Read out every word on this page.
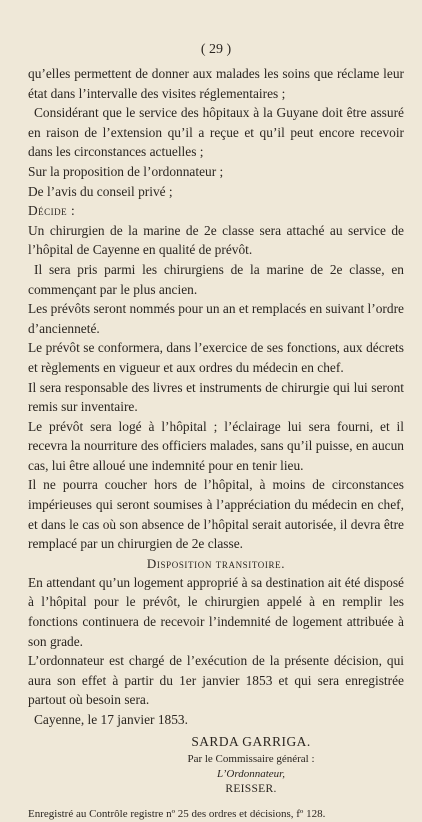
( 29 )

qu’elles permettent de donner aux malades les soins que réclame leur état dans l’intervalle des visites réglementaires ;

Considérant que le service des hôpitaux à la Guyane doit être assuré en raison de l’extension qu’il a reçue et qu’il peut encore recevoir dans les circonstances actuelles ;

Sur la proposition de l’ordonnateur ;

De l’avis du conseil privé ;

Décide :

Un chirurgien de la marine de 2e classe sera attaché au service de l’hôpital de Cayenne en qualité de prévôt.

Il sera pris parmi les chirurgiens de la marine de 2e classe, en commençant par le plus ancien.

Les prévôts seront nommés pour un an et remplacés en suivant l’ordre d’ancienneté.

Le prévôt se conformera, dans l’exercice de ses fonctions, aux décrets et règlements en vigueur et aux ordres du médecin en chef.

Il sera responsable des livres et instruments de chirurgie qui lui seront remis sur inventaire.

Le prévôt sera logé à l’hôpital ; l’éclairage lui sera fourni, et il recevra la nourriture des officiers malades, sans qu’il puisse, en aucun cas, lui être alloué une indemnité pour en tenir lieu.

Il ne pourra coucher hors de l’hôpital, à moins de circonstances impérieuses qui seront soumises à l’appréciation du médecin en chef, et dans le cas où son absence de l’hôpital serait autorisée, il devra être remplacé par un chirurgien de 2e classe.

Disposition transitoire.

En attendant qu’un logement approprié à sa destination ait été disposé à l’hôpital pour le prévôt, le chirurgien appelé à en remplir les fonctions continuera de recevoir l’indemnité de logement attribuée à son grade.

L’ordonnateur est chargé de l’exécution de la présente décision, qui aura son effet à partir du 1er janvier 1853 et qui sera enregistrée partout où besoin sera.

Cayenne, le 17 janvier 1853.

SARDA GARRIGA.
Par le Commissaire général :
L’Ordonnateur,
REISSER.
Enregistré au Contrôle registre nº 25 des ordres et décisions, fº 128.
